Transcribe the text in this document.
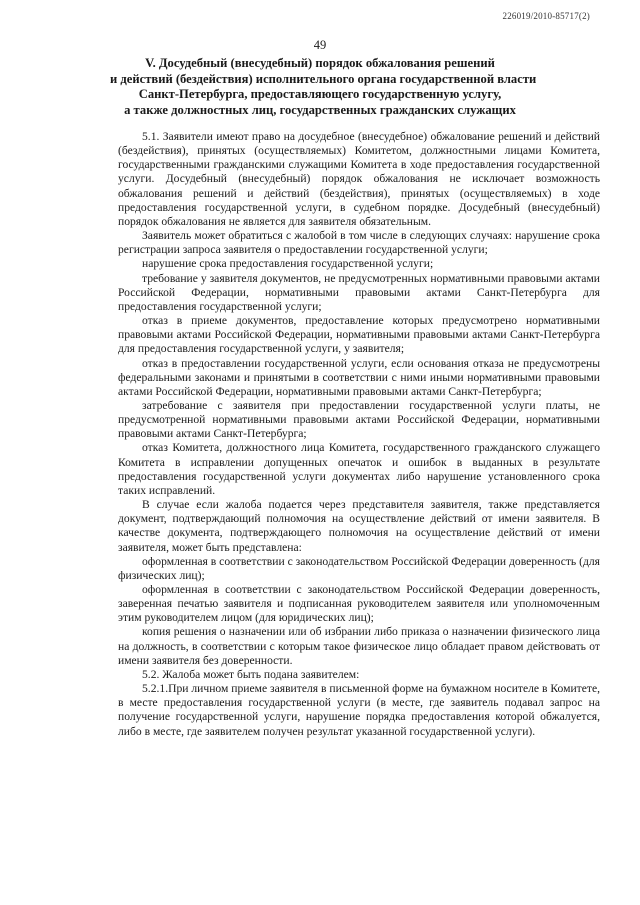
226019/2010-85717(2)
49
V. Досудебный (внесудебный) порядок обжалования решений
и действий (бездействия) исполнительного органа государственной власти
Санкт-Петербурга, предоставляющего государственную услугу,
а также должностных лиц, государственных гражданских служащих

5.1. Заявители имеют право на досудебное (внесудебное) обжалование решений и действий (бездействия), принятых (осуществляемых) Комитетом, должностными лицами Комитета, государственными гражданскими служащими Комитета в ходе предоставления государственной услуги. Досудебный (внесудебный) порядок обжалования не исключает возможность обжалования решений и действий (бездействия), принятых (осуществляемых) в ходе предоставления государственной услуги, в судебном порядке. Досудебный (внесудебный) порядок обжалования не является для заявителя обязательным.

Заявитель может обратиться с жалобой в том числе в следующих случаях: нарушение срока регистрации запроса заявителя о предоставлении государственной услуги;

нарушение срока предоставления государственной услуги;

требование у заявителя документов, не предусмотренных нормативными правовыми актами Российской Федерации, нормативными правовыми актами Санкт-Петербурга для предоставления государственной услуги;

отказ в приеме документов, предоставление которых предусмотрено нормативными правовыми актами Российской Федерации, нормативными правовыми актами Санкт-Петербурга для предоставления государственной услуги, у заявителя;

отказ в предоставлении государственной услуги, если основания отказа не предусмотрены федеральными законами и принятыми в соответствии с ними иными нормативными правовыми актами Российской Федерации, нормативными правовыми актами Санкт-Петербурга;

затребование с заявителя при предоставлении государственной услуги платы, не предусмотренной нормативными правовыми актами Российской Федерации, нормативными правовыми актами Санкт-Петербурга;

отказ Комитета, должностного лица Комитета, государственного гражданского служащего Комитета в исправлении допущенных опечаток и ошибок в выданных в результате предоставления государственной услуги документах либо нарушение установленного срока таких исправлений.

В случае если жалоба подается через представителя заявителя, также представляется документ, подтверждающий полномочия на осуществление действий от имени заявителя. В качестве документа, подтверждающего полномочия на осуществление действий от имени заявителя, может быть представлена:

оформленная в соответствии с законодательством Российской Федерации доверенность (для физических лиц);

оформленная в соответствии с законодательством Российской Федерации доверенность, заверенная печатью заявителя и подписанная руководителем заявителя или уполномоченным этим руководителем лицом (для юридических лиц);

копия решения о назначении или об избрании либо приказа о назначении физического лица на должность, в соответствии с которым такое физическое лицо обладает правом действовать от имени заявителя без доверенности.

5.2. Жалоба может быть подана заявителем:

5.2.1.При личном приеме заявителя в письменной форме на бумажном носителе в Комитете, в месте предоставления государственной услуги (в месте, где заявитель подавал запрос на получение государственной услуги, нарушение порядка предоставления которой обжалуется, либо в месте, где заявителем получен результат указанной государственной услуги).
